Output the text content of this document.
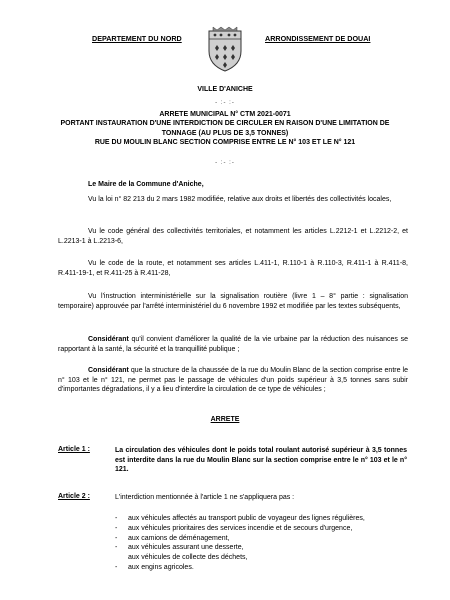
DEPARTEMENT DU NORD	ARRONDISSEMENT DE DOUAI
VILLE D'ANICHE
- :- :-
ARRETE MUNICIPAL N° CTM 2021-0071
PORTANT INSTAURATION D'UNE INTERDICTION DE CIRCULER EN RAISON D'UNE LIMITATION DE
TONNAGE (AU PLUS DE 3,5 TONNES)
RUE DU MOULIN BLANC SECTION COMPRISE ENTRE LE N° 103 ET LE N° 121
- :- :-

Le Maire de la Commune d'Aniche,

Vu la loi n° 82 213 du 2 mars 1982 modifiée, relative aux droits et libertés des collectivités locales,

Vu le code général des collectivités territoriales, et notamment les articles L.2212-1 et L.2212-2, et L.2213-1 à L.2213-6,

Vu le code de la route, et notamment ses articles L.411-1, R.110-1 à R.110-3, R.411-1 à R.411-8, R.411-19-1, et R.411-25 à R.411-28,

Vu l'instruction interministérielle sur la signalisation routière (livre 1 – 8° partie : signalisation temporaire) approuvée par l'arrêté interministériel du 6 novembre 1992 et modifiée par les textes subséquents,

Considérant qu'il convient d'améliorer la qualité de la vie urbaine par la réduction des nuisances se rapportant à la santé, la sécurité et la tranquillité publique ;

Considérant que la structure de la chaussée de la rue du Moulin Blanc de la section comprise entre le n° 103 et le n° 121, ne permet pas le passage de véhicules d'un poids supérieur à 3,5 tonnes sans subir d'importantes dégradations, il y a lieu d'interdire la circulation de ce type de véhicules ;

ARRETE
Article 1 :	La circulation des véhicules dont le poids total roulant autorisé supérieur à 3,5 tonnes est interdite dans la rue du Moulin Blanc sur la section comprise entre le n° 103 et le n° 121.

Article 2 :	L'interdiction mentionnée à l'article 1 ne s'appliquera pas :

- aux véhicules affectés au transport public de voyageur des lignes régulières,
- aux véhicules prioritaires des services incendie et de secours d'urgence,
- aux camions de déménagement,
- aux véhicules assurant une desserte,
aux véhicules de collecte des déchets,
- aux engins agricoles.
